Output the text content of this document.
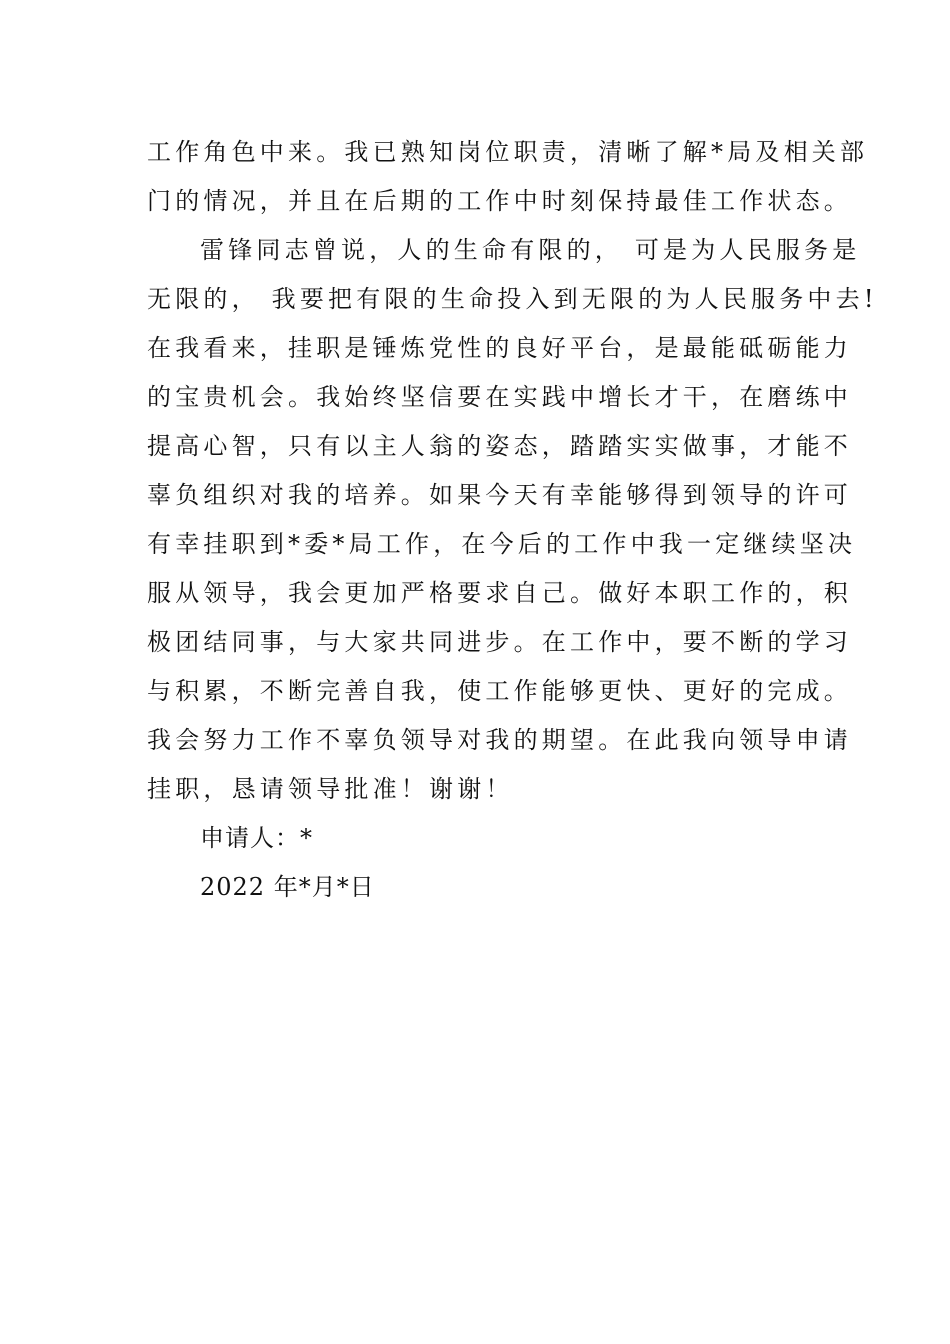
工作角色中来。我已熟知岗位职责，清晰了解*局及相关部
门的情况，并且在后期的工作中时刻保持最佳工作状态。
雷锋同志曾说，人的生命有限的， 可是为人民服务是
无限的， 我要把有限的生命投入到无限的为人民服务中去!
在我看来，挂职是锤炼党性的良好平台，是最能砥砺能力
的宝贵机会。我始终坚信要在实践中增长才干，在磨练中
提高心智，只有以主人翁的姿态，踏踏实实做事，才能不
辜负组织对我的培养。如果今天有幸能够得到领导的许可
有幸挂职到*委*局工作，在今后的工作中我一定继续坚决
服从领导，我会更加严格要求自己。做好本职工作的，积
极团结同事，与大家共同进步。在工作中，要不断的学习
与积累，不断完善自我，使工作能够更快、更好的完成。
我会努力工作不辜负领导对我的期望。在此我向领导申请
挂职，恳请领导批准！谢谢！
申请人：*
2022 年*月*日
